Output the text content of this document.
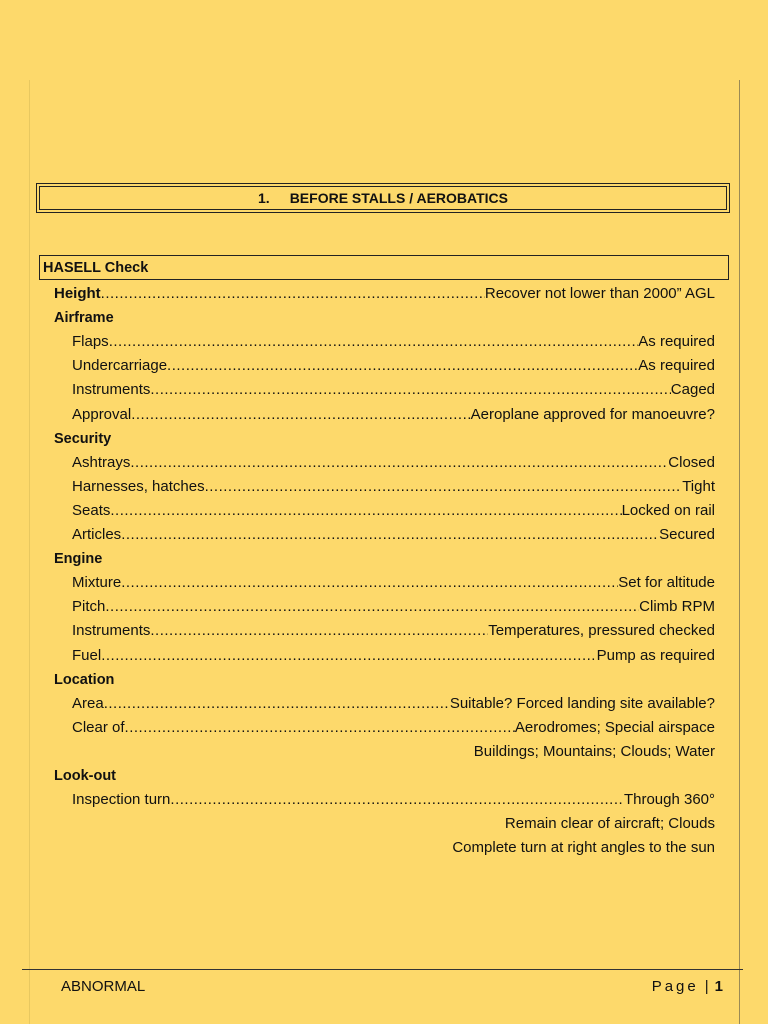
1. BEFORE STALLS / AEROBATICS
HASELL Check
Height .....	Recover not lower than 2000” AGL
Airframe
Flaps .....	As required
Undercarriage .....	As required
Instruments .....	Caged
Approval .....	Aeroplane approved for manoeuvre?
Security
Ashtrays .....	Closed
Harnesses, hatches .....	Tight
Seats .....	Locked on rail
Articles .....	Secured
Engine
Mixture .....	Set for altitude
Pitch .....	Climb RPM
Instruments .....	Temperatures, pressured checked
Fuel .....	Pump as required
Location
Area .....	Suitable? Forced landing site available?
Clear of .....	Aerodromes; Special airspace
Buildings; Mountains; Clouds; Water
Look-out
Inspection turn .....	Through 360°
Remain clear of aircraft; Clouds
Complete turn at right angles to the sun
ABNORMAL	Page | 1
